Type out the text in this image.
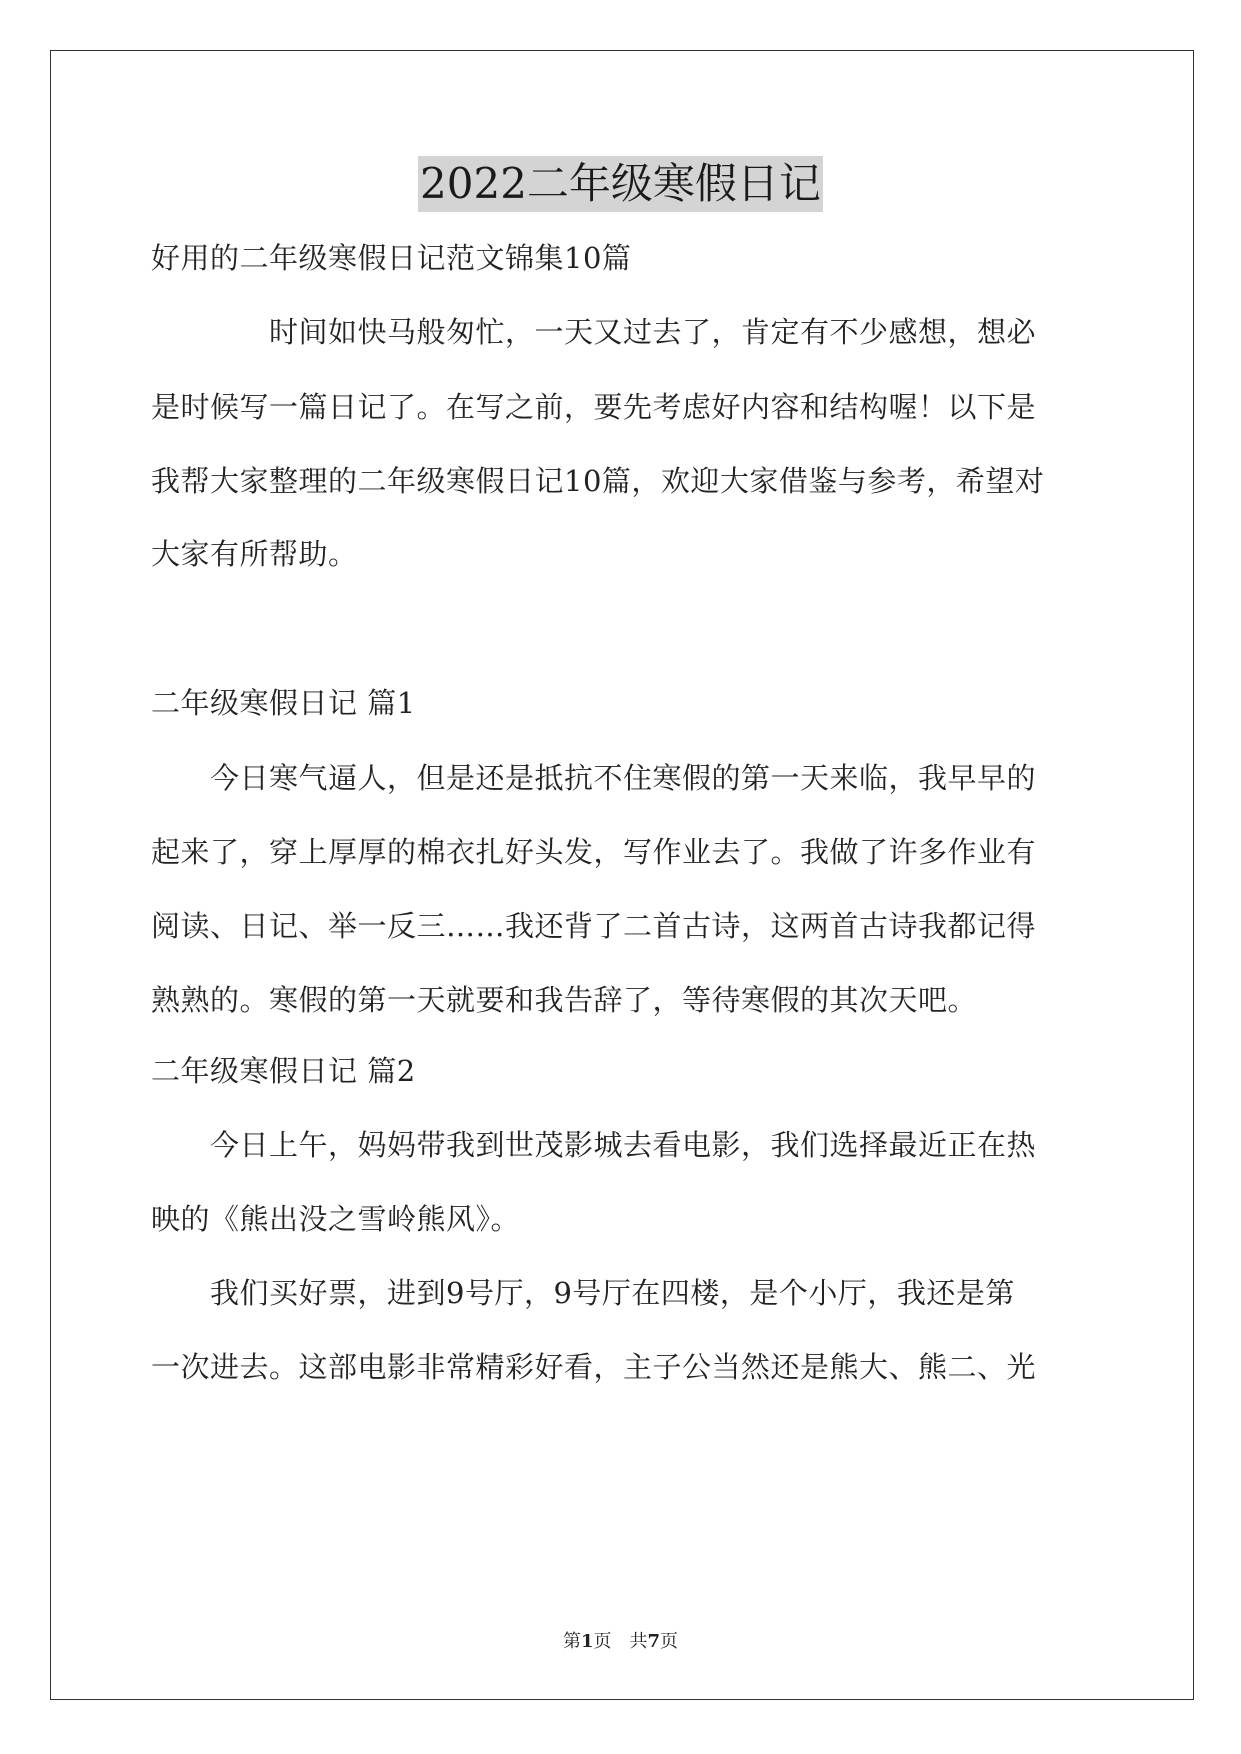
2022二年级寒假日记
好用的二年级寒假日记范文锦集10篇
　　　　时间如快马般匆忙，一天又过去了，肯定有不少感想，想必
是时候写一篇日记了。在写之前，要先考虑好内容和结构喔！以下是
我帮大家整理的二年级寒假日记10篇，欢迎大家借鉴与参考，希望对
大家有所帮助。
二年级寒假日记 篇1
　　今日寒气逼人，但是还是抵抗不住寒假的第一天来临，我早早的
起来了，穿上厚厚的棉衣扎好头发，写作业去了。我做了许多作业有
阅读、日记、举一反三……我还背了二首古诗，这两首古诗我都记得
熟熟的。寒假的第一天就要和我告辞了，等待寒假的其次天吧。
二年级寒假日记 篇2
　　今日上午，妈妈带我到世茂影城去看电影，我们选择最近正在热
映的《熊出没之雪岭熊风》。
　　我们买好票，进到9号厅，9号厅在四楼，是个小厅，我还是第
一次进去。这部电影非常精彩好看，主子公当然还是熊大、熊二、光
第1页　共7页
